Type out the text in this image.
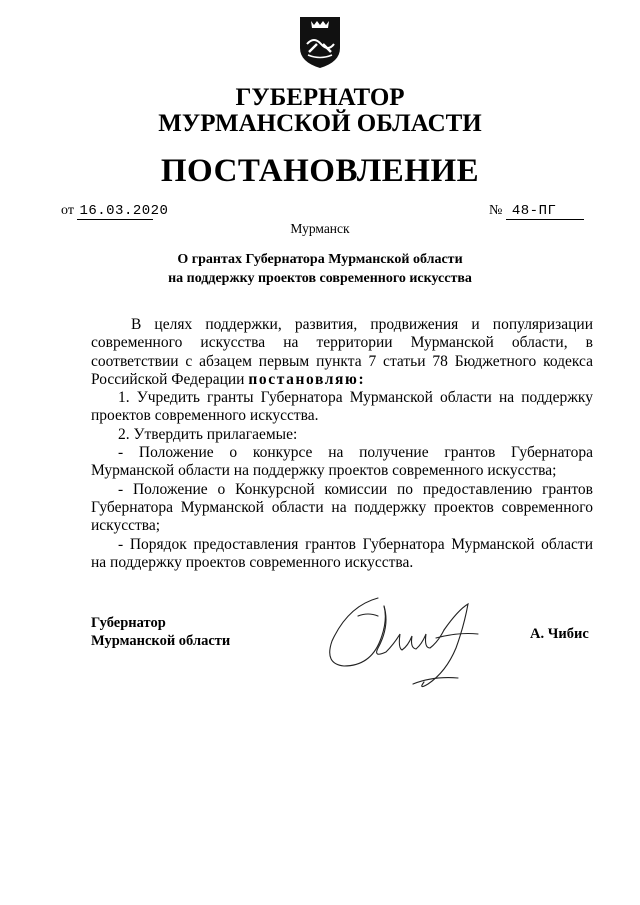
ГУБЕРНАТОР
МУРМАНСКОЙ ОБЛАСТИ
ПОСТАНОВЛЕНИЕ
от 16.03.2020	№ 48-ПГ
Мурманск
О грантах Губернатора Мурманской области
на поддержку проектов современного искусства

В целях поддержки, развития, продвижения и популяризации современного искусства на территории Мурманской области, в соответствии с абзацем первым пункта 7 статьи 78 Бюджетного кодекса Российской Федерации постановляю:

1. Учредить гранты Губернатора Мурманской области на поддержку проектов современного искусства.

2. Утвердить прилагаемые:

- Положение о конкурсе на получение грантов Губернатора Мурманской области на поддержку проектов современного искусства;

- Положение о Конкурсной комиссии по предоставлению грантов Губернатора Мурманской области на поддержку проектов современного искусства;

- Порядок предоставления грантов Губернатора Мурманской области на поддержку проектов современного искусства.

Губернатор
Мурманской области	А. Чибис
